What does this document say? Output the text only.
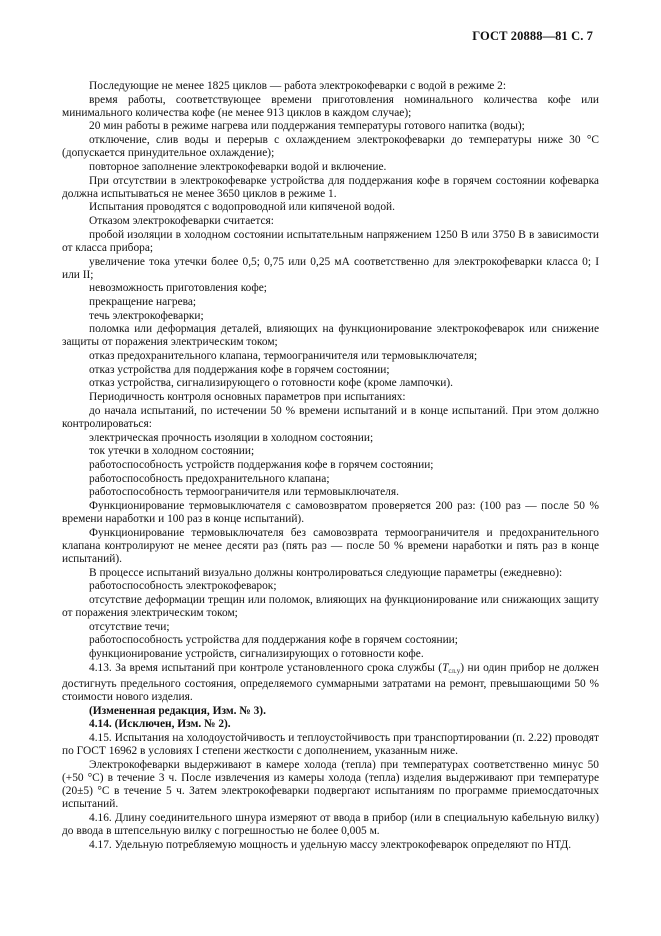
ГОСТ 20888—81 С. 7

Последующие не менее 1825 циклов — работа электрокофеварки с водой в режиме 2:

время работы, соответствующее времени приготовления номинального количества кофе или минимального количества кофе (не менее 913 циклов в каждом случае);

20 мин работы в режиме нагрева или поддержания температуры готового напитка (воды);

отключение, слив воды и перерыв с охлаждением электрокофеварки до температуры ниже 30 °С (допускается принудительное охлаждение);

повторное заполнение электрокофеварки водой и включение.

При отсутствии в электрокофеварке устройства для поддержания кофе в горячем состоянии кофеварка должна испытываться не менее 3650 циклов в режиме 1.

Испытания проводятся с водопроводной или кипяченой водой.

Отказом электрокофеварки считается:

пробой изоляции в холодном состоянии испытательным напряжением 1250 В или 3750 В в зависимости от класса прибора;

увеличение тока утечки более 0,5; 0,75 или 0,25 мА соответственно для электрокофеварки класса 0; I или II;

невозможность приготовления кофе;

прекращение нагрева;

течь электрокофеварки;

поломка или деформация деталей, влияющих на функционирование электрокофеварок или снижение защиты от поражения электрическим током;

отказ предохранительного клапана, термоограничителя или термовыключателя;

отказ устройства для поддержания кофе в горячем состоянии;

отказ устройства, сигнализирующего о готовности кофе (кроме лампочки).

Периодичность контроля основных параметров при испытаниях:

до начала испытаний, по истечении 50 % времени испытаний и в конце испытаний. При этом должно контролироваться:

электрическая прочность изоляции в холодном состоянии;

ток утечки в холодном состоянии;

работоспособность устройств поддержания кофе в горячем состоянии;

работоспособность предохранительного клапана;

работоспособность термоограничителя или термовыключателя.

Функционирование термовыключателя с самовозвратом проверяется 200 раз: (100 раз — после 50 % времени наработки и 100 раз в конце испытаний).

Функционирование термовыключателя без самовозврата термоограничителя и предохранительного клапана контролируют не менее десяти раз (пять раз — после 50 % времени наработки и пять раз в конце испытаний).

В процессе испытаний визуально должны контролироваться следующие параметры (ежедневно):

работоспособность электрокофеварок;

отсутствие деформации трещин или поломок, влияющих на функционирование или снижающих защиту от поражения электрическим током;

отсутствие течи;

работоспособность устройства для поддержания кофе в горячем состоянии;

функционирование устройств, сигнализирующих о готовности кофе.

4.13. За время испытаний при контроле установленного срока службы $(T_{сл.у})$ ни один прибор не должен достигнуть предельного состояния, определяемого суммарными затратами на ремонт, превышающими 50 % стоимости нового изделия.

(Измененная редакция, Изм. № 3).

4.14. (Исключен, Изм. № 2).

4.15. Испытания на холодоустойчивость и теплоустойчивость при транспортировании (п. 2.22) проводят по ГОСТ 16962 в условиях I степени жесткости с дополнением, указанным ниже.

Электрокофеварки выдерживают в камере холода (тепла) при температурах соответственно минус 50 (+50 °С) в течение 3 ч. После извлечения из камеры холода (тепла) изделия выдерживают при температуре (20±5) °С в течение 5 ч. Затем электрокофеварки подвергают испытаниям по программе приемосдаточных испытаний.

4.16. Длину соединительного шнура измеряют от ввода в прибор (или в специальную кабельную вилку) до ввода в штепсельную вилку с погрешностью не более 0,005 м.

4.17. Удельную потребляемую мощность и удельную массу электрокофеварок определяют по НТД.
